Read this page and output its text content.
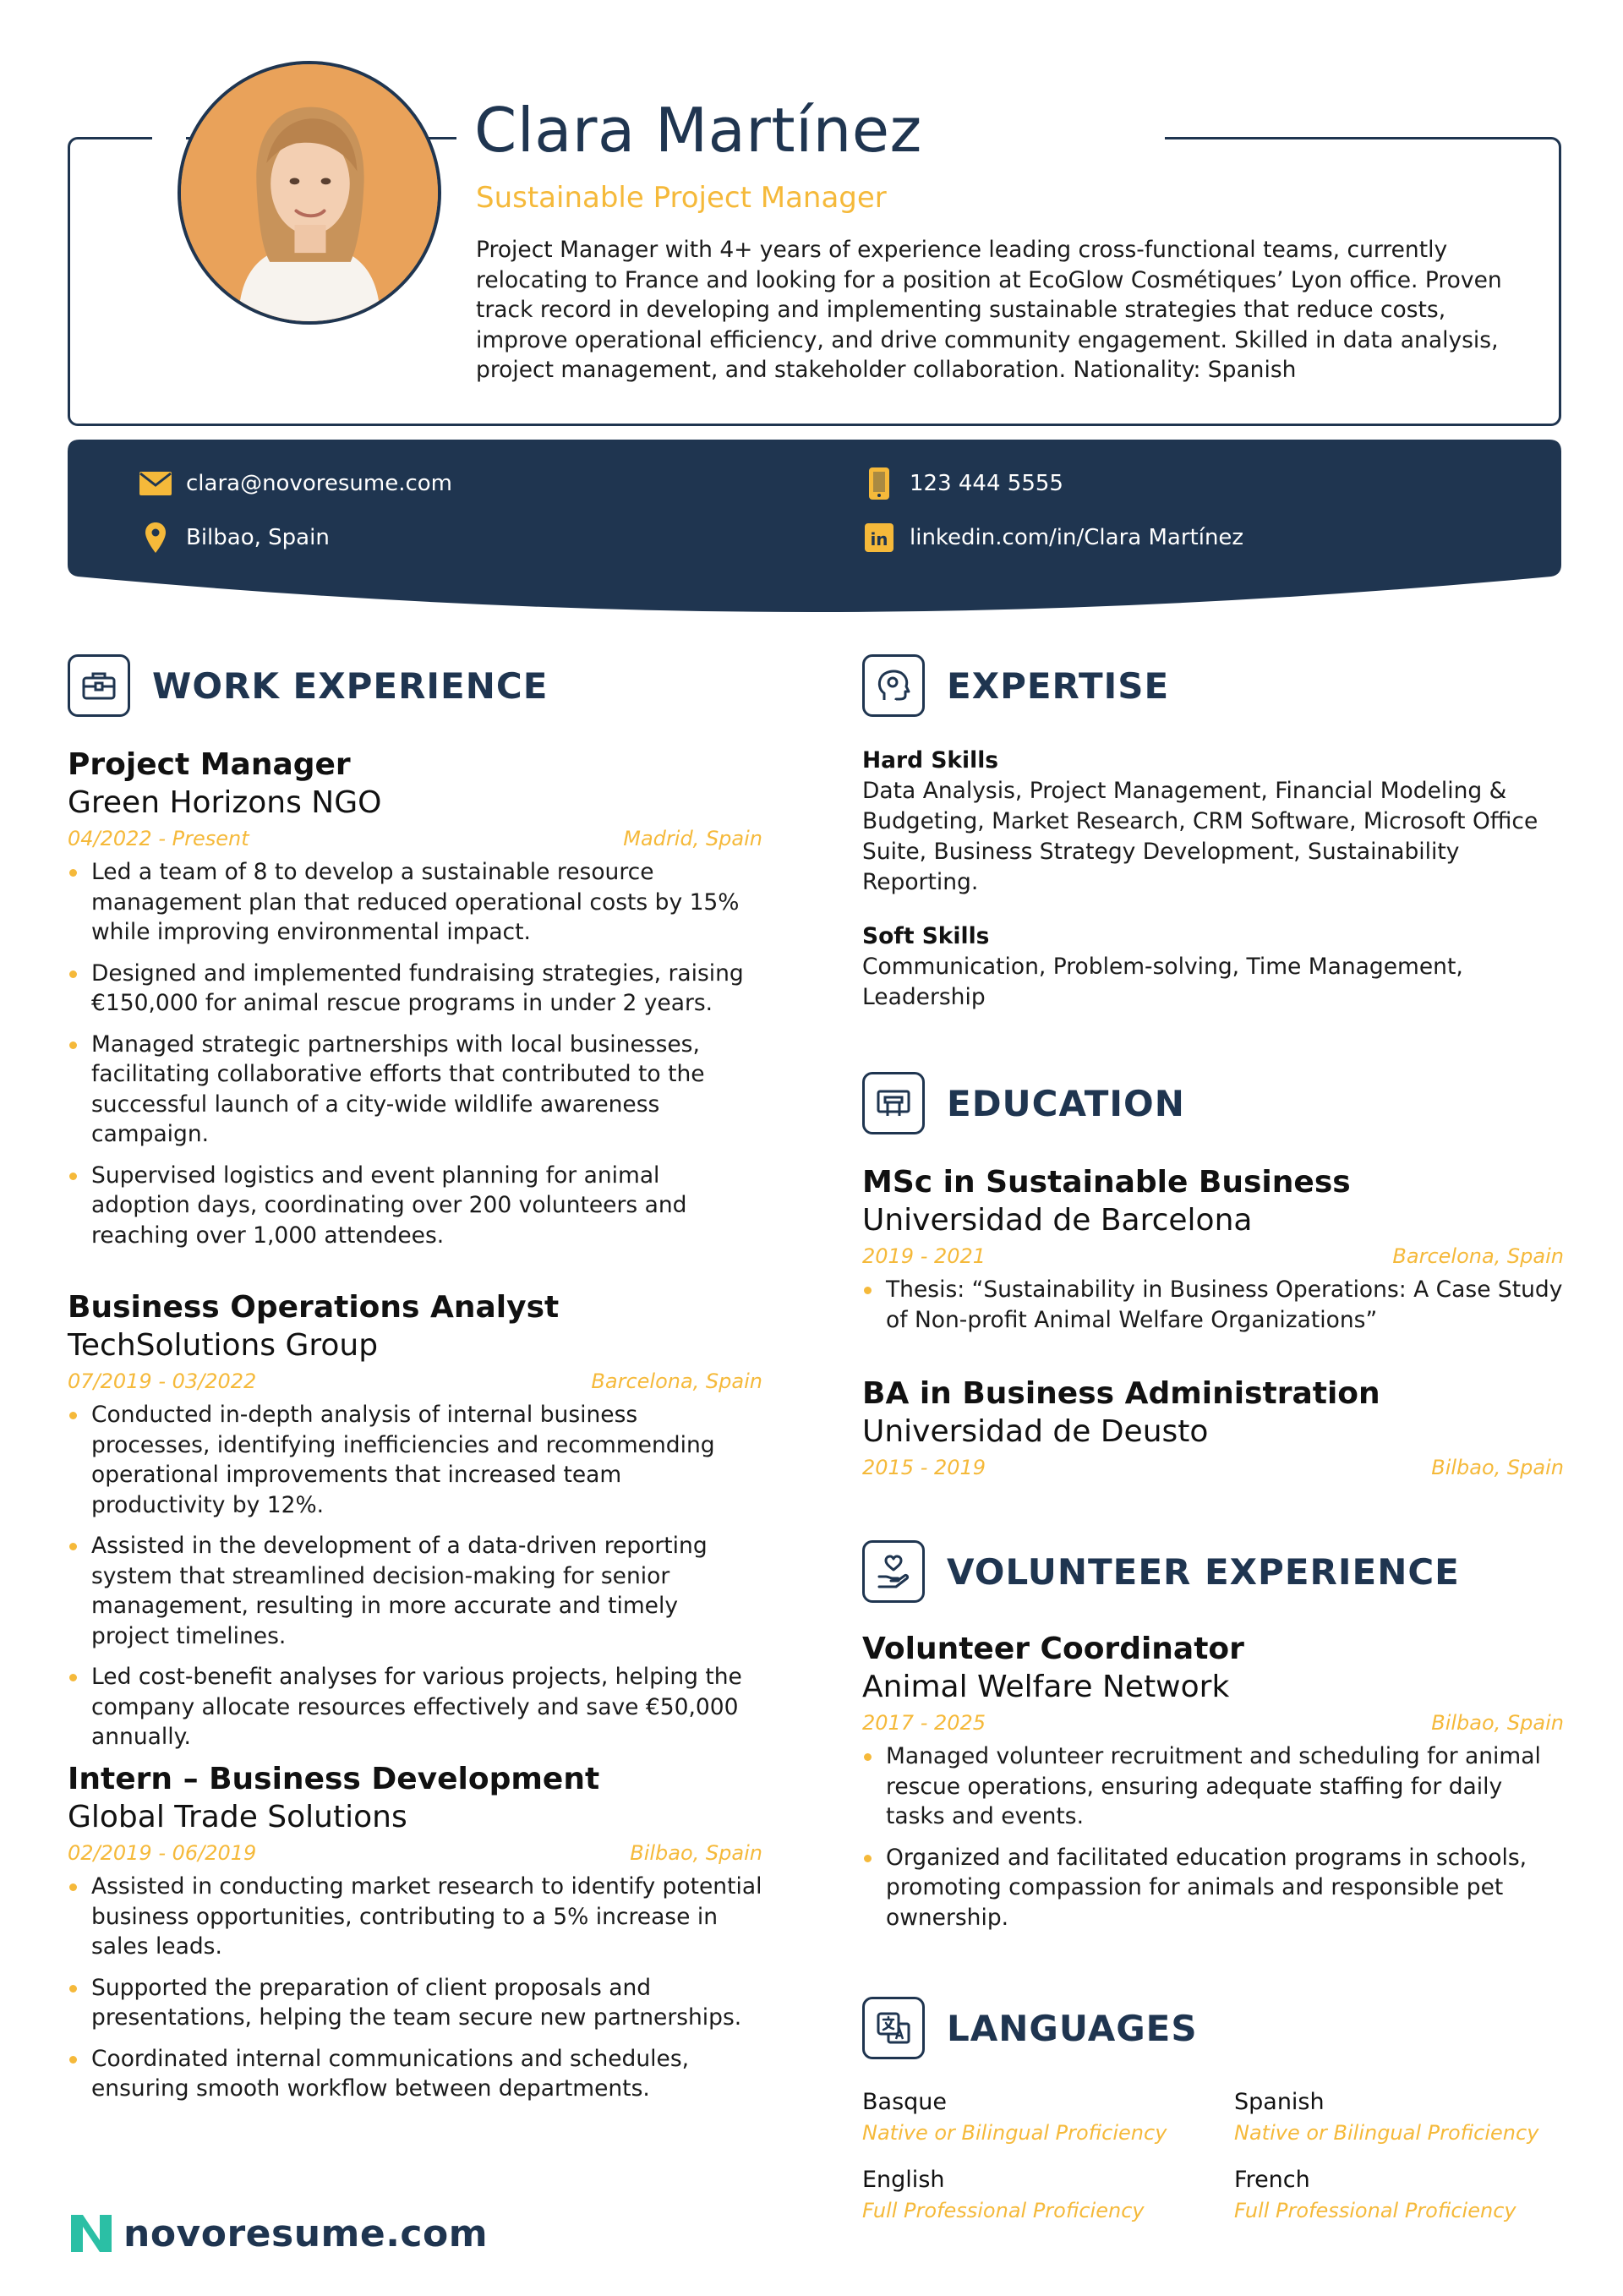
Clara Martínez
Sustainable Project Manager
Project Manager with 4+ years of experience leading cross-functional teams, currently relocating to France and looking for a position at EcoGlow Cosmétiques’ Lyon office. Proven track record in developing and implementing sustainable strategies that reduce costs, improve operational efficiency, and drive community engagement. Skilled in data analysis, project management, and stakeholder collaboration. Nationality: Spanish
clara@novoresume.com
Bilbao, Spain
123 444 5555
in linkedin.com/in/Clara Martínez
WORK EXPERIENCE
Project Manager
Green Horizons NGO
04/2022 - Present	Madrid, Spain
Led a team of 8 to develop a sustainable resource management plan that reduced operational costs by 15% while improving environmental impact.
Designed and implemented fundraising strategies, raising €150,000 for animal rescue programs in under 2 years.
Managed strategic partnerships with local businesses, facilitating collaborative efforts that contributed to the successful launch of a city-wide wildlife awareness campaign.
Supervised logistics and event planning for animal adoption days, coordinating over 200 volunteers and reaching over 1,000 attendees.
Business Operations Analyst
TechSolutions Group
07/2019 - 03/2022	Barcelona, Spain
Conducted in-depth analysis of internal business processes, identifying inefficiencies and recommending operational improvements that increased team productivity by 12%.
Assisted in the development of a data-driven reporting system that streamlined decision-making for senior management, resulting in more accurate and timely project timelines.
Led cost-benefit analyses for various projects, helping the company allocate resources effectively and save €50,000 annually.
Intern – Business Development
Global Trade Solutions
02/2019 - 06/2019	Bilbao, Spain
Assisted in conducting market research to identify potential business opportunities, contributing to a 5% increase in sales leads.
Supported the preparation of client proposals and presentations, helping the team secure new partnerships.
Coordinated internal communications and schedules, ensuring smooth workflow between departments.
EXPERTISE
Hard Skills
Data Analysis, Project Management, Financial Modeling & Budgeting, Market Research, CRM Software, Microsoft Office Suite, Business Strategy Development, Sustainability Reporting.
Soft Skills
Communication, Problem-solving, Time Management, Leadership
EDUCATION
MSc in Sustainable Business
Universidad de Barcelona
2019 - 2021	Barcelona, Spain
Thesis: “Sustainability in Business Operations: A Case Study of Non-profit Animal Welfare Organizations”
BA in Business Administration
Universidad de Deusto
2015 - 2019	Bilbao, Spain
VOLUNTEER EXPERIENCE
Volunteer Coordinator
Animal Welfare Network
2017 - 2025	Bilbao, Spain
Managed volunteer recruitment and scheduling for animal rescue operations, ensuring adequate staffing for daily tasks and events.
Organized and facilitated education programs in schools, promoting compassion for animals and responsible pet ownership.
LANGUAGES
Basque
Native or Bilingual Proficiency
Spanish
Native or Bilingual Proficiency
English
Full Professional Proficiency
French
Full Professional Proficiency
novoresume.com
